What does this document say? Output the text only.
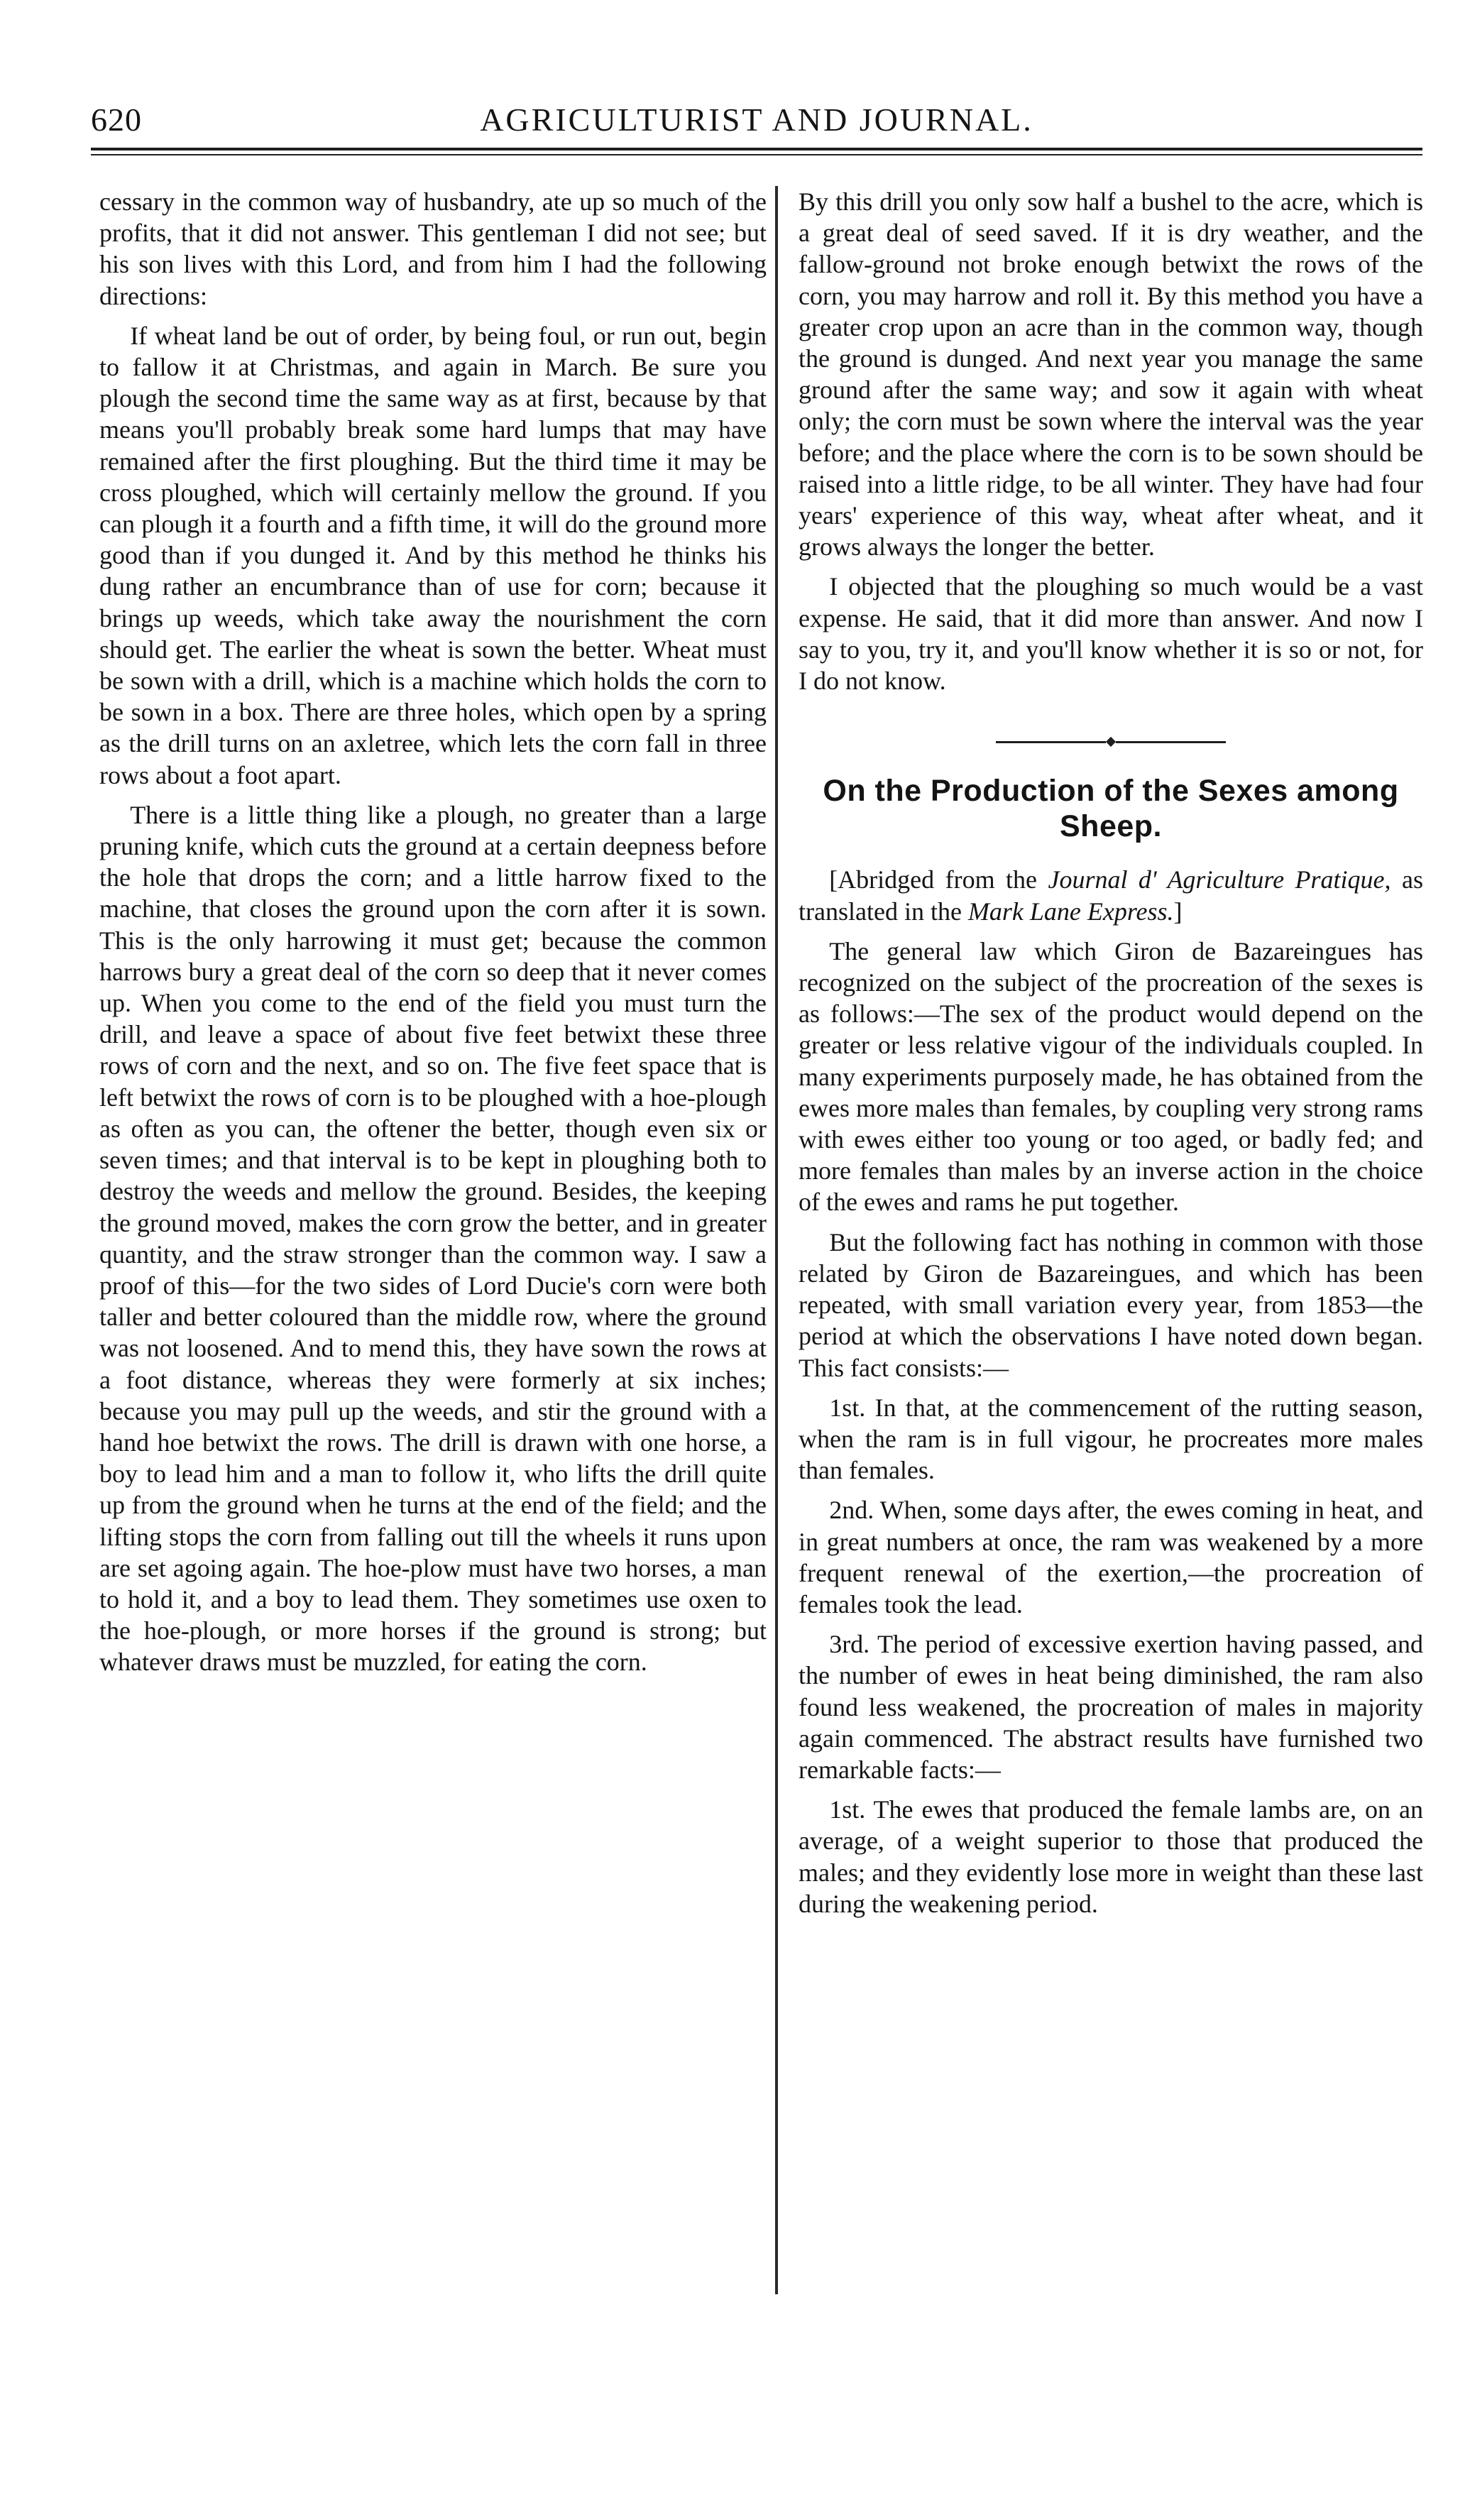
620	AGRICULTURIST AND JOURNAL.

cessary in the common way of husbandry, ate up so much of the profits, that it did not answer. This gentleman I did not see; but his son lives with this Lord, and from him I had the following directions:

If wheat land be out of order, by being foul, or run out, begin to fallow it at Christmas, and again in March. Be sure you plough the second time the same way as at first, because by that means you'll probably break some hard lumps that may have remained after the first ploughing. But the third time it may be cross ploughed, which will certainly mellow the ground. If you can plough it a fourth and a fifth time, it will do the ground more good than if you dunged it. And by this method he thinks his dung rather an encumbrance than of use for corn; because it brings up weeds, which take away the nourishment the corn should get. The earlier the wheat is sown the better. Wheat must be sown with a drill, which is a machine which holds the corn to be sown in a box. There are three holes, which open by a spring as the drill turns on an axletree, which lets the corn fall in three rows about a foot apart.

There is a little thing like a plough, no greater than a large pruning knife, which cuts the ground at a certain deepness before the hole that drops the corn; and a little harrow fixed to the machine, that closes the ground upon the corn after it is sown. This is the only harrowing it must get; because the common harrows bury a great deal of the corn so deep that it never comes up. When you come to the end of the field you must turn the drill, and leave a space of about five feet betwixt these three rows of corn and the next, and so on. The five feet space that is left betwixt the rows of corn is to be ploughed with a hoe-plough as often as you can, the oftener the better, though even six or seven times; and that interval is to be kept in ploughing both to destroy the weeds and mellow the ground. Besides, the keeping the ground moved, makes the corn grow the better, and in greater quantity, and the straw stronger than the common way. I saw a proof of this—for the two sides of Lord Ducie's corn were both taller and better coloured than the middle row, where the ground was not loosened. And to mend this, they have sown the rows at a foot distance, whereas they were formerly at six inches; because you may pull up the weeds, and stir the ground with a hand hoe betwixt the rows. The drill is drawn with one horse, a boy to lead him and a man to follow it, who lifts the drill quite up from the ground when he turns at the end of the field; and the lifting stops the corn from falling out till the wheels it runs upon are set agoing again. The hoe-plow must have two horses, a man to hold it, and a boy to lead them. They sometimes use oxen to the hoe-plough, or more horses if the ground is strong; but whatever draws must be muzzled, for eating the corn.

By this drill you only sow half a bushel to the acre, which is a great deal of seed saved. If it is dry weather, and the fallow-ground not broke enough betwixt the rows of the corn, you may harrow and roll it. By this method you have a greater crop upon an acre than in the common way, though the ground is dunged. And next year you manage the same ground after the same way; and sow it again with wheat only; the corn must be sown where the interval was the year before; and the place where the corn is to be sown should be raised into a little ridge, to be all winter. They have had four years' experience of this way, wheat after wheat, and it grows always the longer the better.

I objected that the ploughing so much would be a vast expense. He said, that it did more than answer. And now I say to you, try it, and you'll know whether it is so or not, for I do not know.

On the Production of the Sexes among Sheep.

[Abridged from the Journal d' Agriculture Pratique, as translated in the Mark Lane Express.]

The general law which Giron de Bazareingues has recognized on the subject of the procreation of the sexes is as follows:—The sex of the product would depend on the greater or less relative vigour of the individuals coupled. In many experiments purposely made, he has obtained from the ewes more males than females, by coupling very strong rams with ewes either too young or too aged, or badly fed; and more females than males by an inverse action in the choice of the ewes and rams he put together.

But the following fact has nothing in common with those related by Giron de Bazareingues, and which has been repeated, with small variation every year, from 1853—the period at which the observations I have noted down began. This fact consists:—

1st. In that, at the commencement of the rutting season, when the ram is in full vigour, he procreates more males than females.

2nd. When, some days after, the ewes coming in heat, and in great numbers at once, the ram was weakened by a more frequent renewal of the exertion,—the procreation of females took the lead.

3rd. The period of excessive exertion having passed, and the number of ewes in heat being diminished, the ram also found less weakened, the procreation of males in majority again commenced. The abstract results have furnished two remarkable facts:—

1st. The ewes that produced the female lambs are, on an average, of a weight superior to those that produced the males; and they evidently lose more in weight than these last during the weakening period.
